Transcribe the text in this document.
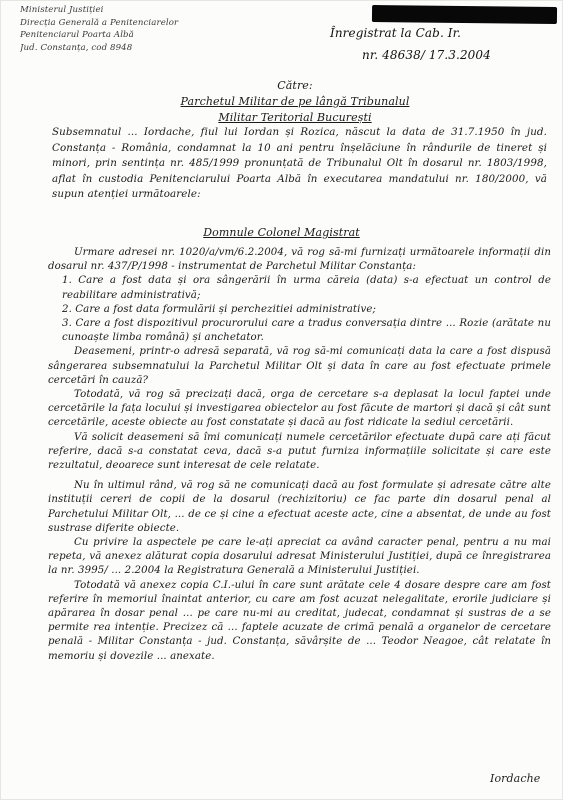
Ministerul Justiției
Direcția Generală a Penitenciarelor
Penitenciarul Poarta Albă
Jud. Constanța, cod 8948
Înregistrat la Cab. Ir.
nr. 48638/ 17.3.2004
Către:
Parchetul Militar de pe lângă Tribunalul
Militar Teritorial București
Subsemnatul ... Iordache, fiul lui Iordan și Rozica, născut la data de 31.7.1950 în jud. Constanța - România, condamnat la 10 ani pentru înșelăciune în rândurile de tineret și minori, prin sentința nr. 485/1999 pronunțată de Tribunalul Olt în dosarul nr. 1803/1998, aflat în custodia Penitenciarului Poarta Albă în executarea mandatului nr. 180/2000, vă supun atenției următoarele:
Domnule Colonel Magistrat

Urmare adresei nr. 1020/a/vm/6.2.2004, vă rog să-mi furnizați următoarele informații din dosarul nr. 437/P/1998 - instrumentat de Parchetul Militar Constanța:

1. Care a fost data și ora sângerării în urma căreia (data) s-a efectuat un control de reabilitare administrativă;

2. Care a fost data formulării și perchezitiei administrative;

3. Care a fost dispozitivul procurorului care a tradus conversația dintre ... Rozie (arătate nu cunoaște limba română) și anchetator.

Deasemeni, printr-o adresă separată, vă rog să-mi comunicați data la care a fost dispusă sângerarea subsemnatului la Parchetul Militar Olt și data în care au fost efectuate primele cercetări în cauză?

Totodată, vă rog să precizați dacă, orga de cercetare s-a deplasat la locul faptei unde cercetările la fața locului și investigarea obiectelor au fost făcute de martori și dacă și cât sunt cercetările, aceste obiecte au fost constatate și dacă au fost ridicate la sediul cercetării.

Vă solicit deasemeni să îmi comunicați numele cercetărilor efectuate după care ați făcut referire, dacă s-a constatat ceva, dacă s-a putut furniza informațiile solicitate și care este rezultatul, deoarece sunt interesat de cele relatate.

Nu în ultimul rând, vă rog să ne comunicați dacă au fost formulate și adresate către alte instituții cereri de copii de la dosarul (rechizitoriu) ce fac parte din dosarul penal al Parchetului Militar Olt, ... de ce și cine a efectuat aceste acte, cine a absentat, de unde au fost sustrase diferite obiecte.

Cu privire la aspectele pe care le-ați apreciat ca având caracter penal, pentru a nu mai repeta, vă anexez alăturat copia dosarului adresat Ministerului Justiției, după ce înregistrarea la nr. 3995/ ... 2.2004 la Registratura Generală a Ministerului Justiției.

Totodată vă anexez copia C.I.-ului în care sunt arătate cele 4 dosare despre care am fost referire în memoriul înaintat anterior, cu care am fost acuzat nelegalitate, erorile judiciare și apărarea în dosar penal ... pe care nu-mi au creditat, judecat, condamnat și sustras de a se permite rea intenție. Precizez că ... faptele acuzate de crimă penală a organelor de cercetare penală - Militar Constanța - jud. Constanța, săvârșite de ... Teodor Neagoe, cât relatate în memoriu și dovezile ... anexate.

Iordache
